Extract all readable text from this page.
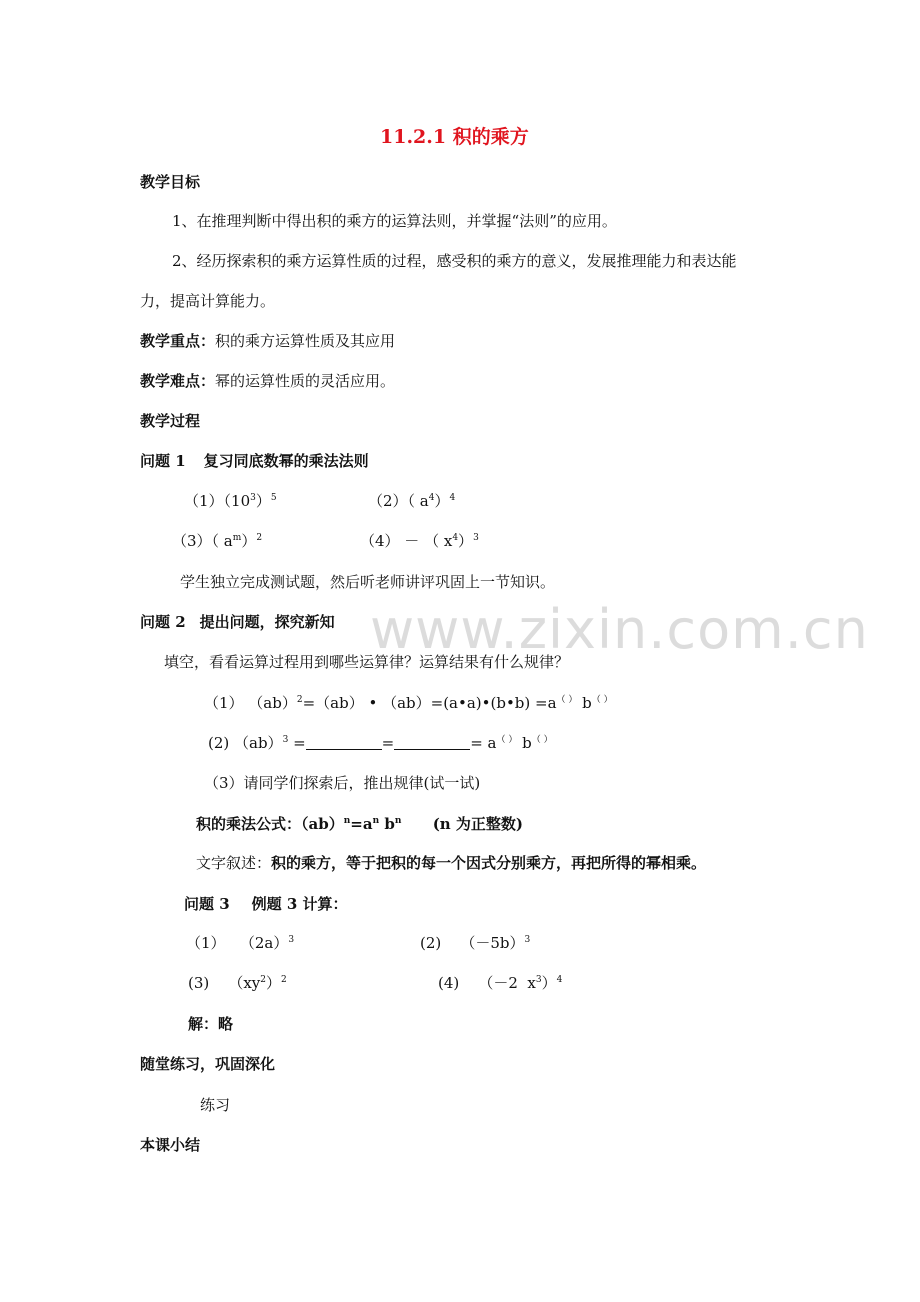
www.zixin.com.cn
11.2.1 积的乘方
教学目标
1、在推理判断中得出积的乘方的运算法则，并掌握“法则”的应用。
2、经历探索积的乘方运算性质的过程，感受积的乘方的意义，发展推理能力和表达能
力，提高计算能力。
教学重点：积的乘方运算性质及其应用
教学难点：幂的运算性质的灵活应用。
教学过程
问题 1 复习同底数幂的乘法法则
$(1)(10^3)^5$	（2）（ $a^4)^4$
（3）（ $a^m)^2$	（4） － （ $x^4)^3$
学生独立完成测试题，然后听老师讲评巩固上一节知识。
问题 2 提出问题，探究新知
填空，看看运算过程用到哪些运算律？运算结果有什么规律？
（1） （ab）$^2$=（ab） • （ab）=(a•a)•(b•b) =a（ ） b（ ）
(2) （ab）$^3$ =	=	= a（ ） b（ ）
（3）请同学们探索后，推出规律(试一试)
积的乘法公式：$(ab)^n=a^n$ $b^n$      (n 为正整数)
文字叙述：积的乘方，等于把积的每一个因式分别乘方，再把所得的幂相乘。
问题 3 例题 3 计算：
（1）   $(2a)^3$	(2)    $(-5b)^3$
(3)    $(xy^2)^2$	(4)    （－2  $x^3)^4$
解：略
随堂练习，巩固深化
练习
本课小结
